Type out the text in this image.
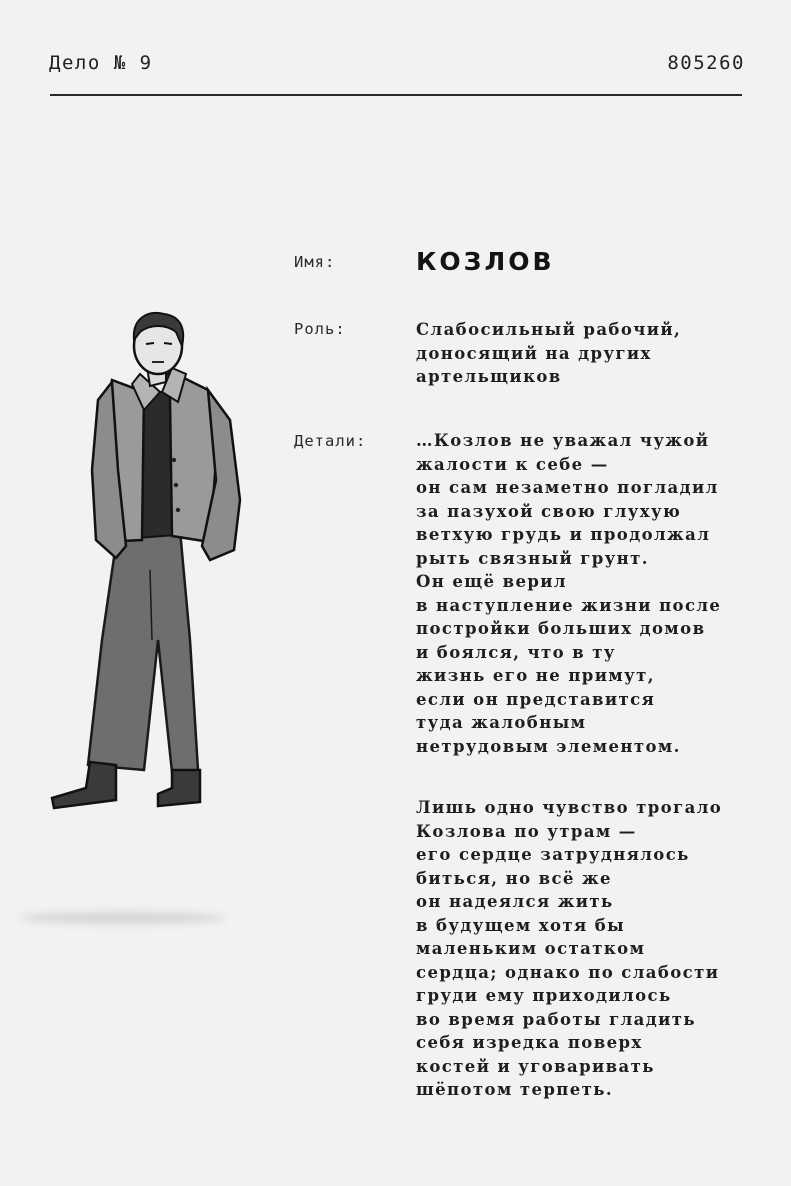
Дело № 9	805260
Имя:	КОЗЛОВ
Роль:	Слабосильный рабочий,
доносящий на других
артельщиков
Детали:	…Козлов не уважал чужой
жалости к себе —
он сам незаметно погладил
за пазухой свою глухую
ветхую грудь и продолжал
рыть связный грунт.
Он ещё верил
в наступление жизни после
постройки больших домов
и боялся, что в ту
жизнь его не примут,
если он представится
туда жалобным
нетрудовым элементом.
Лишь одно чувство трогало
Козлова по утрам —
его сердце затруднялось
биться, но всё же
он надеялся жить
в будущем хотя бы
маленьким остатком
сердца; однако по слабости
груди ему приходилось
во время работы гладить
себя изредка поверх
костей и уговаривать
шёпотом терпеть.
